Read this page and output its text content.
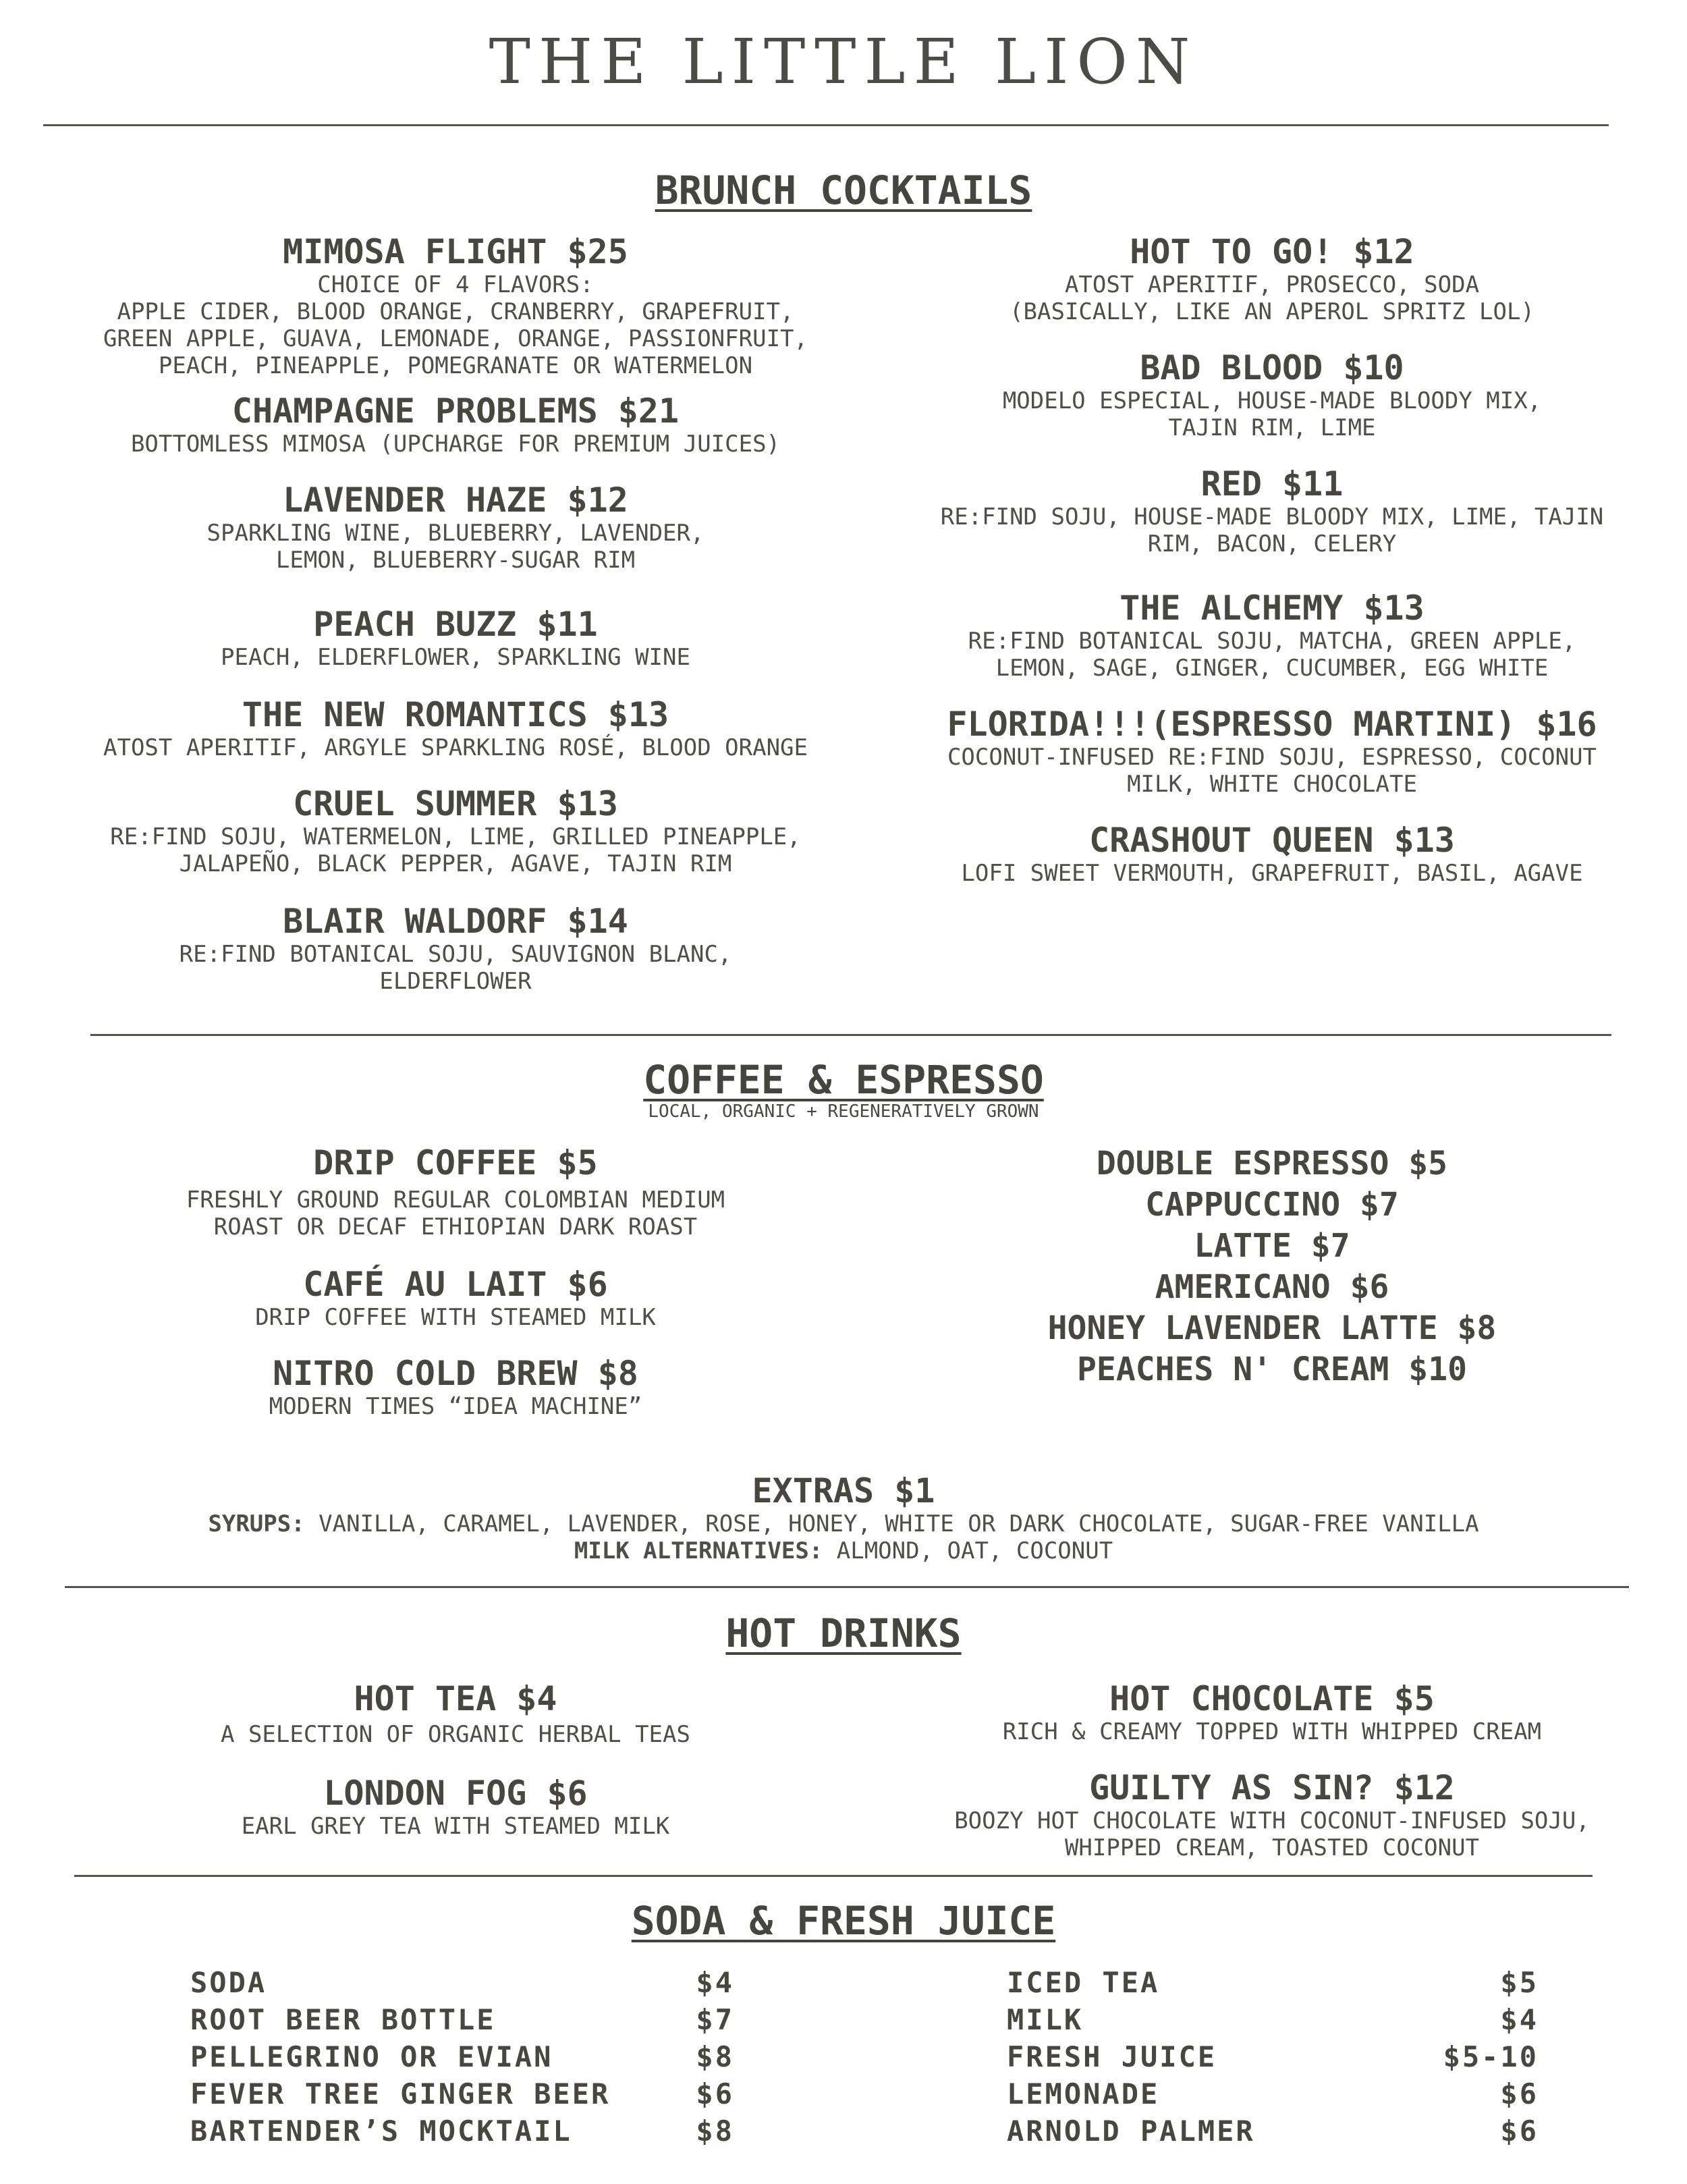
THE LITTLE LION
BRUNCH COCKTAILS
MIMOSA FLIGHT $25
CHOICE OF 4 FLAVORS:
APPLE CIDER, BLOOD ORANGE, CRANBERRY, GRAPEFRUIT,
GREEN APPLE, GUAVA, LEMONADE, ORANGE, PASSIONFRUIT,
PEACH, PINEAPPLE, POMEGRANATE OR WATERMELON
CHAMPAGNE PROBLEMS $21
BOTTOMLESS MIMOSA (UPCHARGE FOR PREMIUM JUICES)
LAVENDER HAZE $12
SPARKLING WINE, BLUEBERRY, LAVENDER,
LEMON, BLUEBERRY-SUGAR RIM
PEACH BUZZ $11
PEACH, ELDERFLOWER, SPARKLING WINE
THE NEW ROMANTICS $13
ATOST APERITIF, ARGYLE SPARKLING ROSÉ, BLOOD ORANGE
CRUEL SUMMER $13
RE:FIND SOJU, WATERMELON, LIME, GRILLED PINEAPPLE,
JALAPEÑO, BLACK PEPPER, AGAVE, TAJIN RIM
BLAIR WALDORF $14
RE:FIND BOTANICAL SOJU, SAUVIGNON BLANC,
ELDERFLOWER
HOT TO GO! $12
ATOST APERITIF, PROSECCO, SODA
(BASICALLY, LIKE AN APEROL SPRITZ LOL)
BAD BLOOD $10
MODELO ESPECIAL, HOUSE-MADE BLOODY MIX,
TAJIN RIM, LIME
RED $11
RE:FIND SOJU, HOUSE-MADE BLOODY MIX, LIME, TAJIN
RIM, BACON, CELERY
THE ALCHEMY $13
RE:FIND BOTANICAL SOJU, MATCHA, GREEN APPLE,
LEMON, SAGE, GINGER, CUCUMBER, EGG WHITE
FLORIDA!!!(ESPRESSO MARTINI) $16
COCONUT-INFUSED RE:FIND SOJU, ESPRESSO, COCONUT
MILK, WHITE CHOCOLATE
CRASHOUT QUEEN $13
LOFI SWEET VERMOUTH, GRAPEFRUIT, BASIL, AGAVE
COFFEE & ESPRESSO
LOCAL, ORGANIC + REGENERATIVELY GROWN
DRIP COFFEE $5
FRESHLY GROUND REGULAR COLOMBIAN MEDIUM
ROAST OR DECAF ETHIOPIAN DARK ROAST
CAFÉ AU LAIT $6
DRIP COFFEE WITH STEAMED MILK
NITRO COLD BREW $8
MODERN TIMES “IDEA MACHINE”
DOUBLE ESPRESSO $5
CAPPUCCINO $7
LATTE $7
AMERICANO $6
HONEY LAVENDER LATTE $8
PEACHES N' CREAM $10
EXTRAS $1
SYRUPS: VANILLA, CARAMEL, LAVENDER, ROSE, HONEY, WHITE OR DARK CHOCOLATE, SUGAR-FREE VANILLA
MILK ALTERNATIVES: ALMOND, OAT, COCONUT
HOT DRINKS
HOT TEA $4
A SELECTION OF ORGANIC HERBAL TEAS
LONDON FOG $6
EARL GREY TEA WITH STEAMED MILK
HOT CHOCOLATE $5
RICH & CREAMY TOPPED WITH WHIPPED CREAM
GUILTY AS SIN? $12
BOOZY HOT CHOCOLATE WITH COCONUT-INFUSED SOJU,
WHIPPED CREAM, TOASTED COCONUT
SODA & FRESH JUICE
SODA	$4
ROOT BEER BOTTLE	$7
PELLEGRINO OR EVIAN	$8
FEVER TREE GINGER BEER	$6
BARTENDER’S MOCKTAIL	$8
ICED TEA	$5
MILK	$4
FRESH JUICE	$5-10
LEMONADE	$6
ARNOLD PALMER	$6
